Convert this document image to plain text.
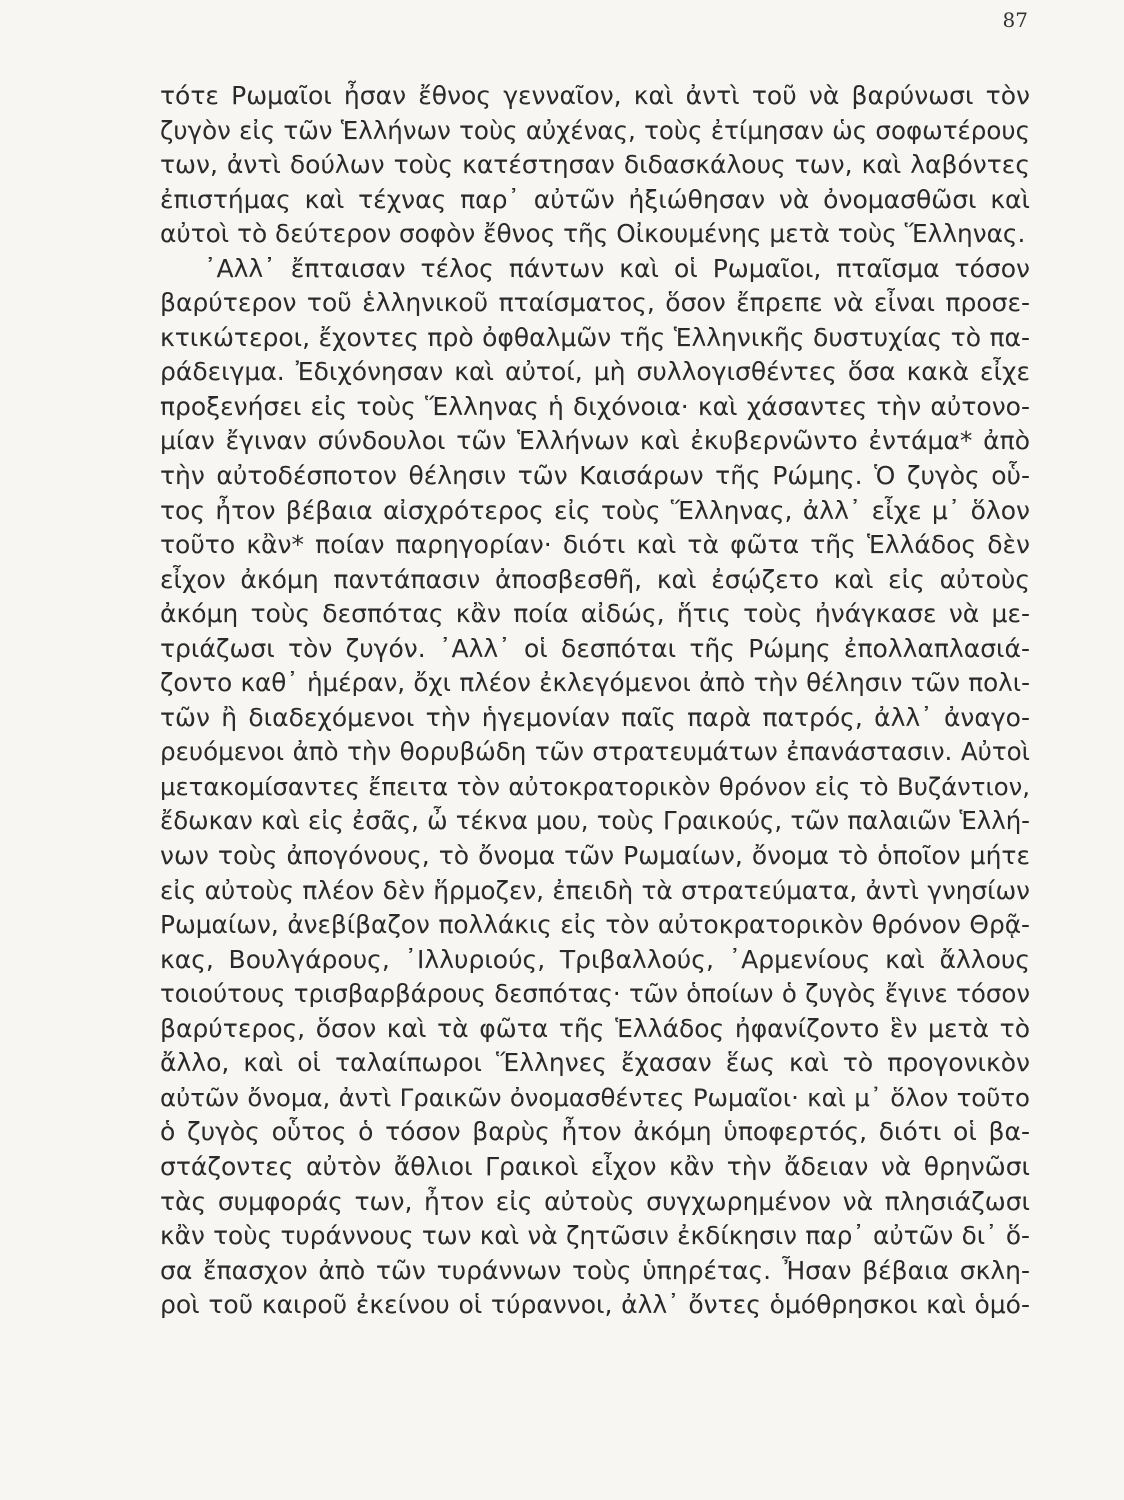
87
τότε Ρωμαῖοι ἦσαν ἔθνος γενναῖον, καὶ ἀντὶ τοῦ νὰ βαρύνωσι τὸν
ζυγὸν εἰς τῶν Ἑλλήνων τοὺς αὐχένας, τοὺς ἐτίμησαν ὡς σοφωτέρους
των, ἀντὶ δούλων τοὺς κατέστησαν διδασκάλους των, καὶ λαβόντες
ἐπιστήμας καὶ τέχνας παρ᾽ αὐτῶν ἠξιώθησαν νὰ ὀνομασθῶσι καὶ
αὐτοὶ τὸ δεύτερον σοφὸν ἔθνος τῆς Οἰκουμένης μετὰ τοὺς Ἕλληνας.
᾽Αλλ᾽ ἔπταισαν τέλος πάντων καὶ οἱ Ρωμαῖοι, πταῖσμα τόσον
βαρύτερον τοῦ ἑλληνικοῦ πταίσματος, ὅσον ἔπρεπε νὰ εἶναι προσε-
κτικώτεροι, ἔχοντες πρὸ ὀφθαλμῶν τῆς Ἑλληνικῆς δυστυχίας τὸ πα-
ράδειγμα. Ἐδιχόνησαν καὶ αὐτοί, μὴ συλλογισθέντες ὅσα κακὰ εἶχε
προξενήσει εἰς τοὺς Ἕλληνας ἡ διχόνοια· καὶ χάσαντες τὴν αὐτονο-
μίαν ἔγιναν σύνδουλοι τῶν Ἑλλήνων καὶ ἐκυβερνῶντο ἐντάμα* ἀπὸ
τὴν αὐτοδέσποτον θέλησιν τῶν Καισάρων τῆς Ρώμης. Ὁ ζυγὸς οὗ-
τος ἦτον βέβαια αἰσχρότερος εἰς τοὺς Ἕλληνας, ἀλλ᾽ εἶχε μ᾽ ὅλον
τοῦτο κἂν* ποίαν παρηγορίαν· διότι καὶ τὰ φῶτα τῆς Ἑλλάδος δὲν
εἶχον ἀκόμη παντάπασιν ἀποσβεσθῆ, καὶ ἐσῴζετο καὶ εἰς αὐτοὺς
ἀκόμη τοὺς δεσπότας κἂν ποία αἰδώς, ἥτις τοὺς ἠνάγκασε νὰ με-
τριάζωσι τὸν ζυγόν. ᾽Αλλ᾽ οἱ δεσπόται τῆς Ρώμης ἐπολλαπλασιά-
ζοντο καθ᾽ ἡμέραν, ὄχι πλέον ἐκλεγόμενοι ἀπὸ τὴν θέλησιν τῶν πολι-
τῶν ἢ διαδεχόμενοι τὴν ἡγεμονίαν παῖς παρὰ πατρός, ἀλλ᾽ ἀναγο-
ρευόμενοι ἀπὸ τὴν θορυβώδη τῶν στρατευμάτων ἐπανάστασιν. Αὐτοὶ
μετακομίσαντες ἔπειτα τὸν αὐτοκρατορικὸν θρόνον εἰς τὸ Βυζάντιον,
ἔδωκαν καὶ εἰς ἐσᾶς, ὦ τέκνα μου, τοὺς Γραικούς, τῶν παλαιῶν Ἑλλή-
νων τοὺς ἀπογόνους, τὸ ὄνομα τῶν Ρωμαίων, ὄνομα τὸ ὁποῖον μήτε
εἰς αὐτοὺς πλέον δὲν ἥρμοζεν, ἐπειδὴ τὰ στρατεύματα, ἀντὶ γνησίων
Ρωμαίων, ἀνεβίβαζον πολλάκις εἰς τὸν αὐτοκρατορικὸν θρόνον Θρᾷ-
κας, Βουλγάρους, ᾽Ιλλυριούς, Τριβαλλούς, ᾽Αρμενίους καὶ ἄλλους
τοιούτους τρισβαρβάρους δεσπότας· τῶν ὁποίων ὁ ζυγὸς ἔγινε τόσον
βαρύτερος, ὅσον καὶ τὰ φῶτα τῆς Ἑλλάδος ἠφανίζοντο ἓν μετὰ τὸ
ἄλλο, καὶ οἱ ταλαίπωροι Ἕλληνες ἔχασαν ἕως καὶ τὸ προγονικὸν
αὐτῶν ὄνομα, ἀντὶ Γραικῶν ὀνομασθέντες Ρωμαῖοι· καὶ μ᾽ ὅλον τοῦτο
ὁ ζυγὸς οὗτος ὁ τόσον βαρὺς ἦτον ἀκόμη ὑποφερτός, διότι οἱ βα-
στάζοντες αὐτὸν ἄθλιοι Γραικοὶ εἶχον κἂν τὴν ἄδειαν νὰ θρηνῶσι
τὰς συμφοράς των, ἦτον εἰς αὐτοὺς συγχωρημένον νὰ πλησιάζωσι
κἂν τοὺς τυράννους των καὶ νὰ ζητῶσιν ἐκδίκησιν παρ᾽ αὐτῶν δι᾽ ὅ-
σα ἔπασχον ἀπὸ τῶν τυράννων τοὺς ὑπηρέτας. Ἦσαν βέβαια σκλη-
ροὶ τοῦ καιροῦ ἐκείνου οἱ τύραννοι, ἀλλ᾽ ὄντες ὁμόθρησκοι καὶ ὁμό-
